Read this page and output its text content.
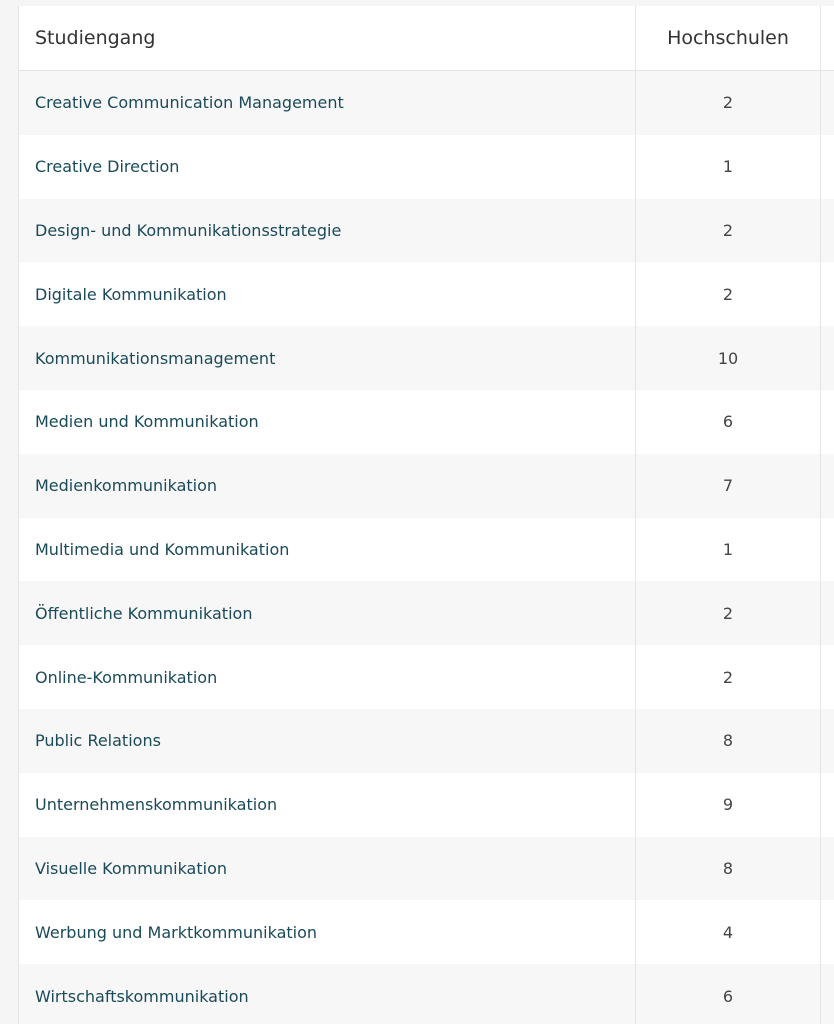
Studiengang	Hochschulen
Creative Communication Management	2
Creative Direction	1
Design- und Kommunikationsstrategie	2
Digitale Kommunikation	2
Kommunikationsmanagement	10
Medien und Kommunikation	6
Medienkommunikation	7
Multimedia und Kommunikation	1
Öffentliche Kommunikation	2
Online-Kommunikation	2
Public Relations	8
Unternehmenskommunikation	9
Visuelle Kommunikation	8
Werbung und Marktkommunikation	4
Wirtschaftskommunikation	6
